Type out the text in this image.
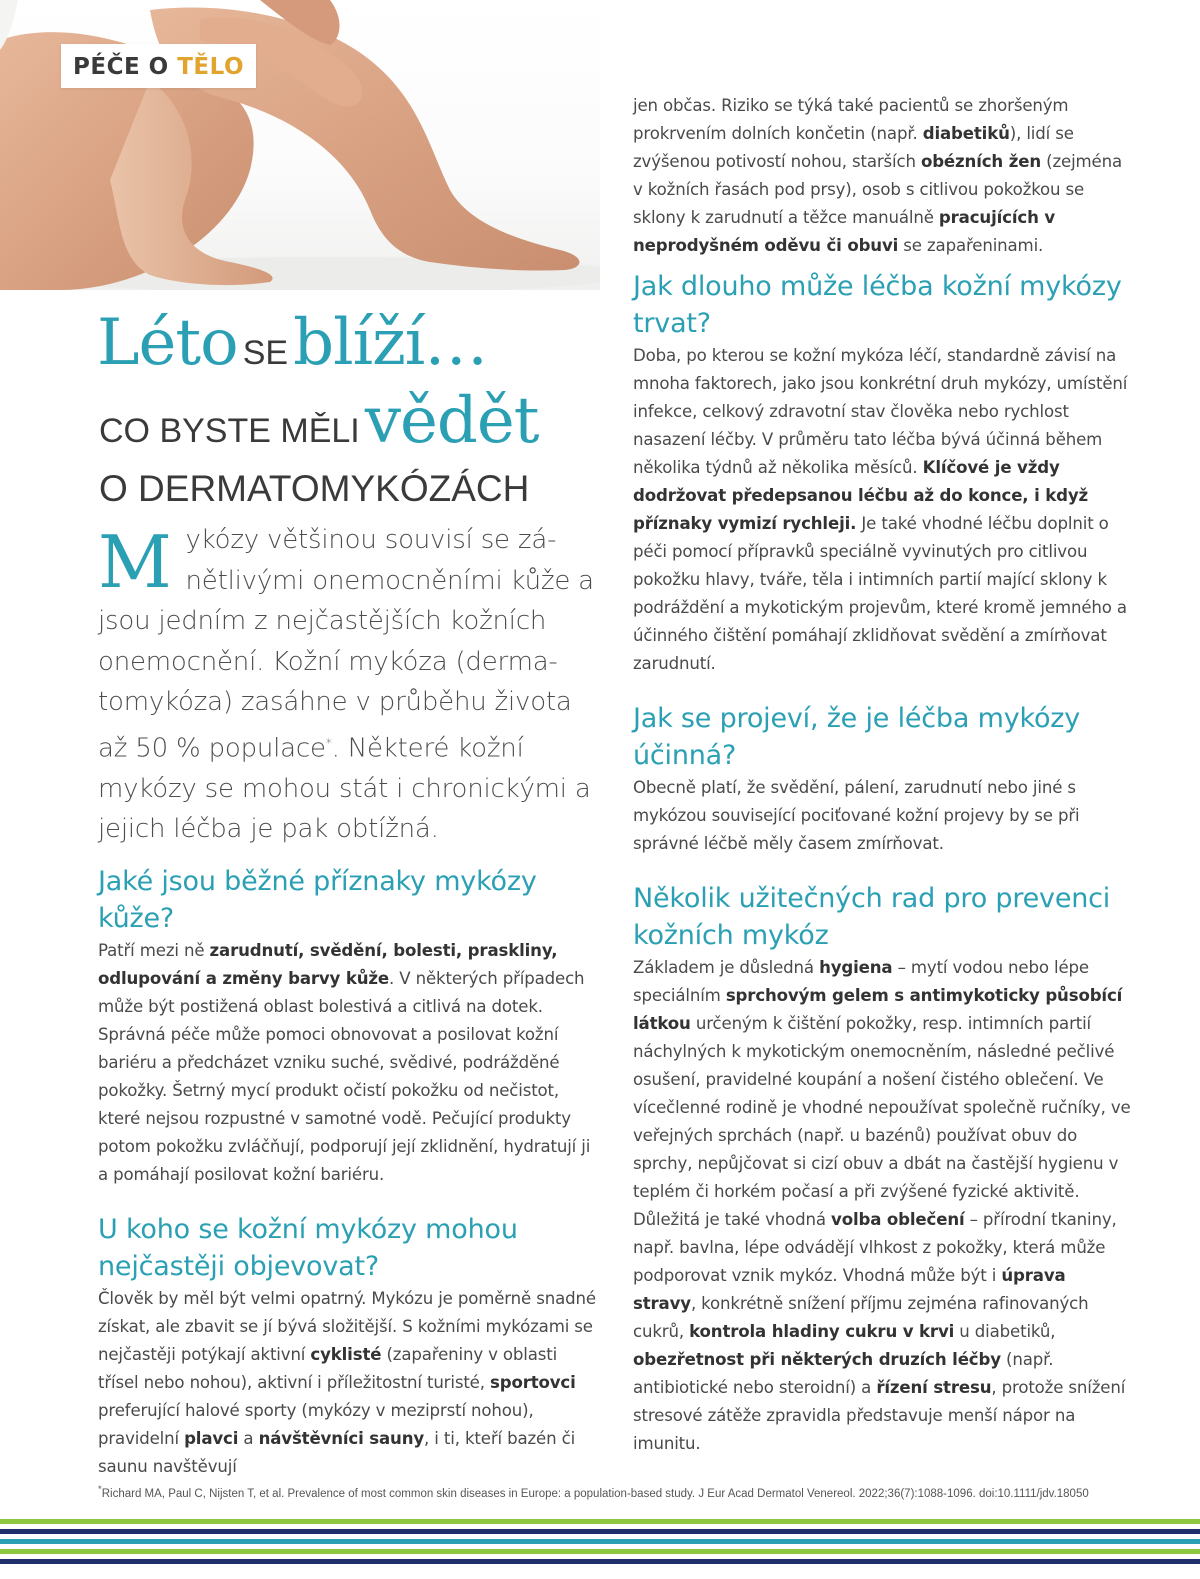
PÉČE O TĚLO
Léto SE blíží…
CO BYSTE MĚLI vědět
O DERMATOMYKÓZÁCH
Mykózy většinou souvisí se zá-nětlivými onemocněními kůže a jsou jedním z nejčastějších kožních onemocnění. Kožní mykóza (derma-tomykóza) zasáhne v průběhu života až 50 % populace*. Některé kožní mykózy se mohou stát i chronickými a jejich léčba je pak obtížná.
Jaké jsou běžné příznaky mykózy kůže?

Patří mezi ně zarudnutí, svědění, bolesti, praskliny, odlupování a změny barvy kůže. V některých případech může být postižená oblast bolestivá a citlivá na dotek. Správná péče může pomoci obnovovat a posilovat kožní bariéru a předcházet vzniku suché, svědivé, podrážděné pokožky. Šetrný mycí produkt očistí pokožku od nečistot, které nejsou rozpustné v samotné vodě. Pečující produkty potom pokožku zvláčňují, podporují její zklidnění, hydratují ji a pomáhají posilovat kožní bariéru.

U koho se kožní mykózy mohou nejčastěji objevovat?

Člověk by měl být velmi opatrný. Mykózu je poměrně snadné získat, ale zbavit se jí bývá složitější. S kožními mykózami se nejčastěji potýkají aktivní cyklisté (zapařeniny v oblasti třísel nebo nohou), aktivní i příležitostní turisté, sportovci preferující halové sporty (mykózy v meziprstí nohou), pravidelní plavci a návštěvníci sauny, i ti, kteří bazén či saunu navštěvují

jen občas. Riziko se týká také pacientů se zhoršeným prokrvením dolních končetin (např. diabetiků), lidí se zvýšenou potivostí nohou, starších obézních žen (zejména v kožních řasách pod prsy), osob s citlivou pokožkou se sklony k zarudnutí a těžce manuálně pracujících v neprodyšném oděvu či obuvi se zapařeninami.

Jak dlouho může léčba kožní mykózy trvat?

Doba, po kterou se kožní mykóza léčí, standardně závisí na mnoha faktorech, jako jsou konkrétní druh mykózy, umístění infekce, celkový zdravotní stav člověka nebo rychlost nasazení léčby. V průměru tato léčba bývá účinná během několika týdnů až několika měsíců. Klíčové je vždy dodržovat předepsanou léčbu až do konce, i když příznaky vymizí rychleji. Je také vhodné léčbu doplnit o péči pomocí přípravků speciálně vyvinutých pro citlivou pokožku hlavy, tváře, těla i intimních partií mající sklony k podráždění a mykotickým projevům, které kromě jemného a účinného čištění pomáhají zklidňovat svědění a zmírňovat zarudnutí.

Jak se projeví, že je léčba mykózy účinná?

Obecně platí, že svědění, pálení, zarudnutí nebo jiné s mykózou související pociťované kožní projevy by se při správné léčbě měly časem zmírňovat.

Několik užitečných rad pro prevenci kožních mykóz

Základem je důsledná hygiena – mytí vodou nebo lépe speciálním sprchovým gelem s antimykoticky působící látkou určeným k čištění pokožky, resp. intimních partií náchylných k mykotickým onemocněním, následné pečlivé osušení, pravidelné koupání a nošení čistého oblečení. Ve vícečlenné rodině je vhodné nepoužívat společně ručníky, ve veřejných sprchách (např. u bazénů) používat obuv do sprchy, nepůjčovat si cizí obuv a dbát na častější hygienu v teplém či horkém počasí a při zvýšené fyzické aktivitě. Důležitá je také vhodná volba oblečení – přírodní tkaniny, např. bavlna, lépe odvádějí vlhkost z pokožky, která může podporovat vznik mykóz. Vhodná může být i úprava stravy, konkrétně snížení příjmu zejména rafinovaných cukrů, kontrola hladiny cukru v krvi u diabetiků, obezřetnost při některých druzích léčby (např. antibiotické nebo steroidní) a řízení stresu, protože snížení stresové zátěže zpravidla představuje menší nápor na imunitu.

*Richard MA, Paul C, Nijsten T, et al. Prevalence of most common skin diseases in Europe: a population-based study. J Eur Acad Dermatol Venereol. 2022;36(7):1088-1096. doi:10.1111/jdv.18050
